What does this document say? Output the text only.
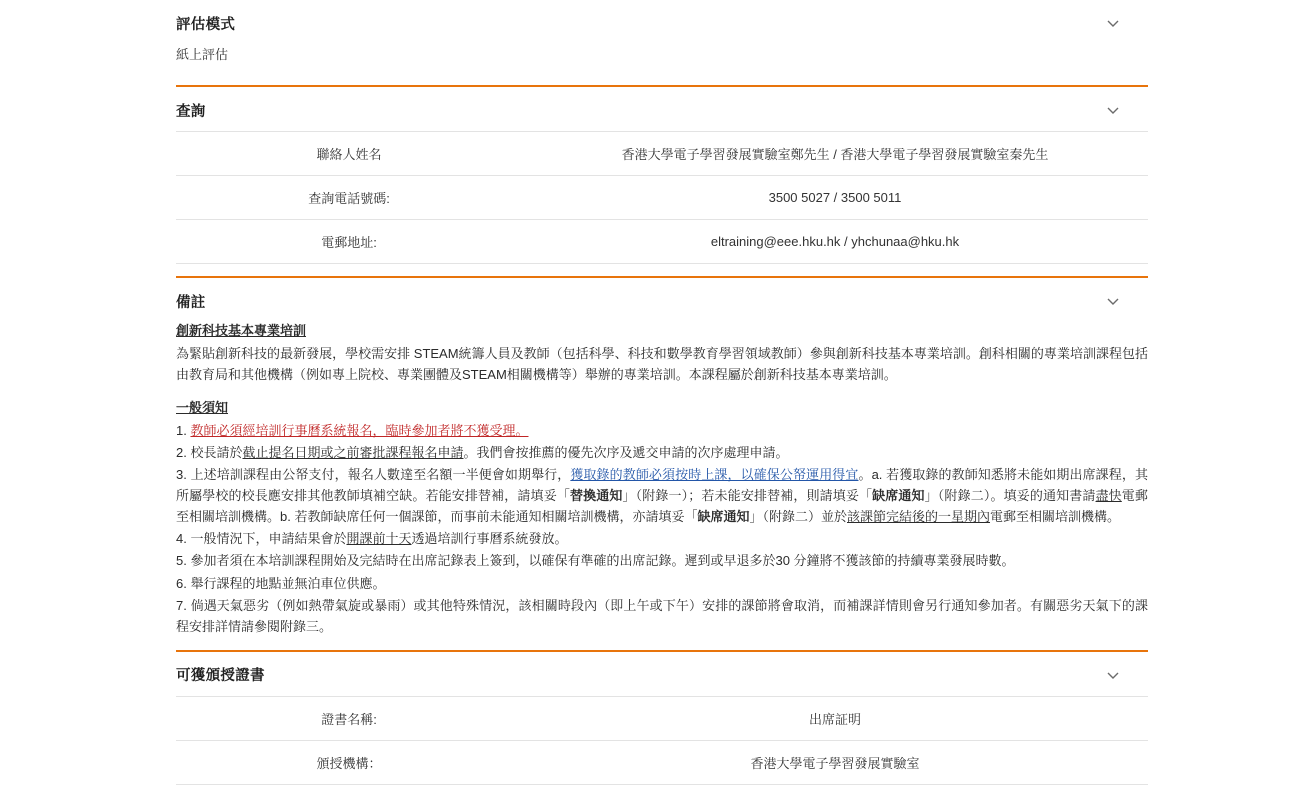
評估模式
紙上評估
查詢
聯絡人姓名	香港大學電子學習發展實驗室鄭先生 / 香港大學電子學習發展實驗室秦先生
查詢電話號碼:	3500 5027 / 3500 5011
電郵地址:	eltraining@eee.hku.hk / yhchunaa@hku.hk
備註
創新科技基本專業培訓

為緊貼創新科技的最新發展，學校需安排 STEAM統籌人員及教師（包括科學、科技和數學教育學習領域教師）參與創新科技基本專業培訓。創科相關的專業培訓課程包括由教育局和其他機構（例如專上院校、專業團體及STEAM相關機構等）舉辦的專業培訓。本課程屬於創新科技基本專業培訓。

一般須知
1. 教師必須經培訓行事曆系統報名，臨時參加者將不獲受理。
2. 校長請於截止提名日期或之前審批課程報名申請。我們會按推薦的優先次序及遞交申請的次序處理申請。
3. 上述培訓課程由公帑支付，報名人數達至名額一半便會如期舉行，獲取錄的教師必須按時上課，以確保公帑運用得宜。a. 若獲取錄的教師知悉將未能如期出席課程，其所屬學校的校長應安排其他教師填補空缺。若能安排替補，請填妥「替換通知」（附錄一）；若未能安排替補，則請填妥「缺席通知」（附錄二）。填妥的通知書請盡快電郵至相關培訓機構。b. 若教師缺席任何一個課節，而事前未能通知相關培訓機構，亦請填妥「缺席通知」（附錄二）並於該課節完結後的一星期內電郵至相關培訓機構。
4. 一般情況下，申請結果會於開課前十天透過培訓行事曆系統發放。
5. 參加者須在本培訓課程開始及完結時在出席記錄表上簽到，以確保有準確的出席記錄。遲到或早退多於30 分鐘將不獲該節的持續專業發展時數。
6. 舉行課程的地點並無泊車位供應。
7. 倘遇天氣惡劣（例如熱帶氣旋或暴雨）或其他特殊情況，該相關時段內（即上午或下午）安排的課節將會取消，而補課詳情則會另行通知參加者。有關惡劣天氣下的課程安排詳情請參閱附錄三。
可獲頒授證書
證書名稱:	出席証明
頒授機構：	香港大學電子學習發展實驗室
